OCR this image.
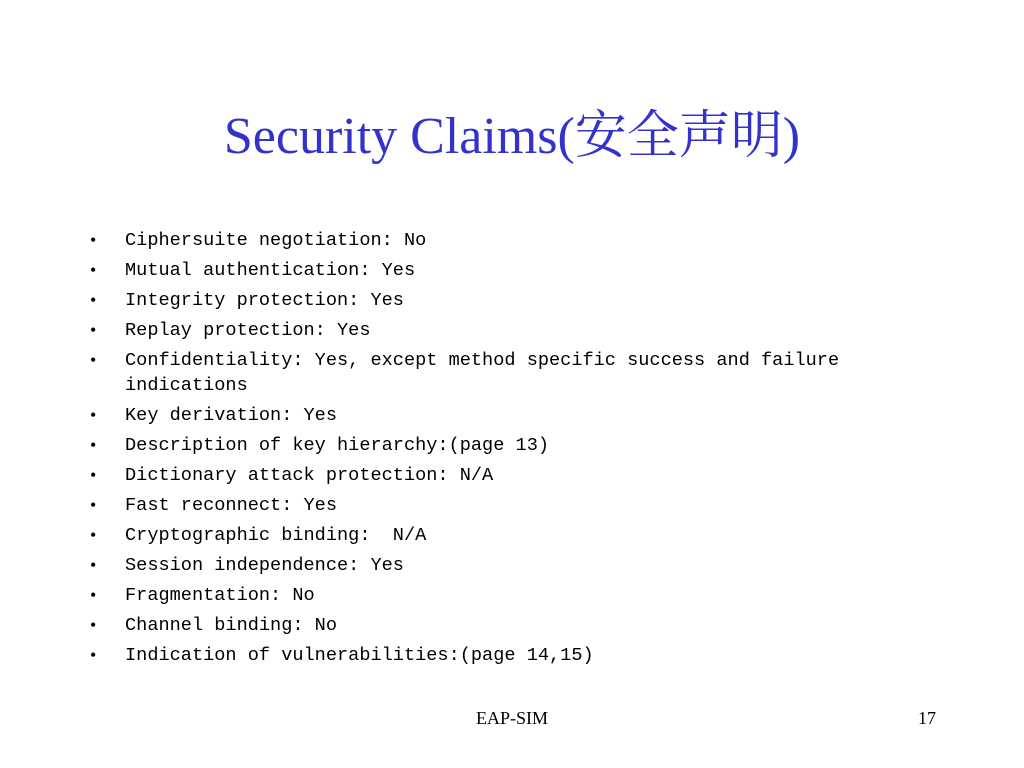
Security Claims(安全声明)
•
Ciphersuite negotiation: No
•
Mutual authentication: Yes
•
Integrity protection: Yes
•
Replay protection: Yes
•
Confidentiality: Yes, except method specific success and failure indications
•
Key derivation: Yes
•
Description of key hierarchy:(page 13)
•
Dictionary attack protection: N/A
•
Fast reconnect: Yes
•
Cryptographic binding:  N/A
•
Session independence: Yes
•
Fragmentation: No
•
Channel binding: No
•
Indication of vulnerabilities:(page 14,15)
EAP-SIM	17
